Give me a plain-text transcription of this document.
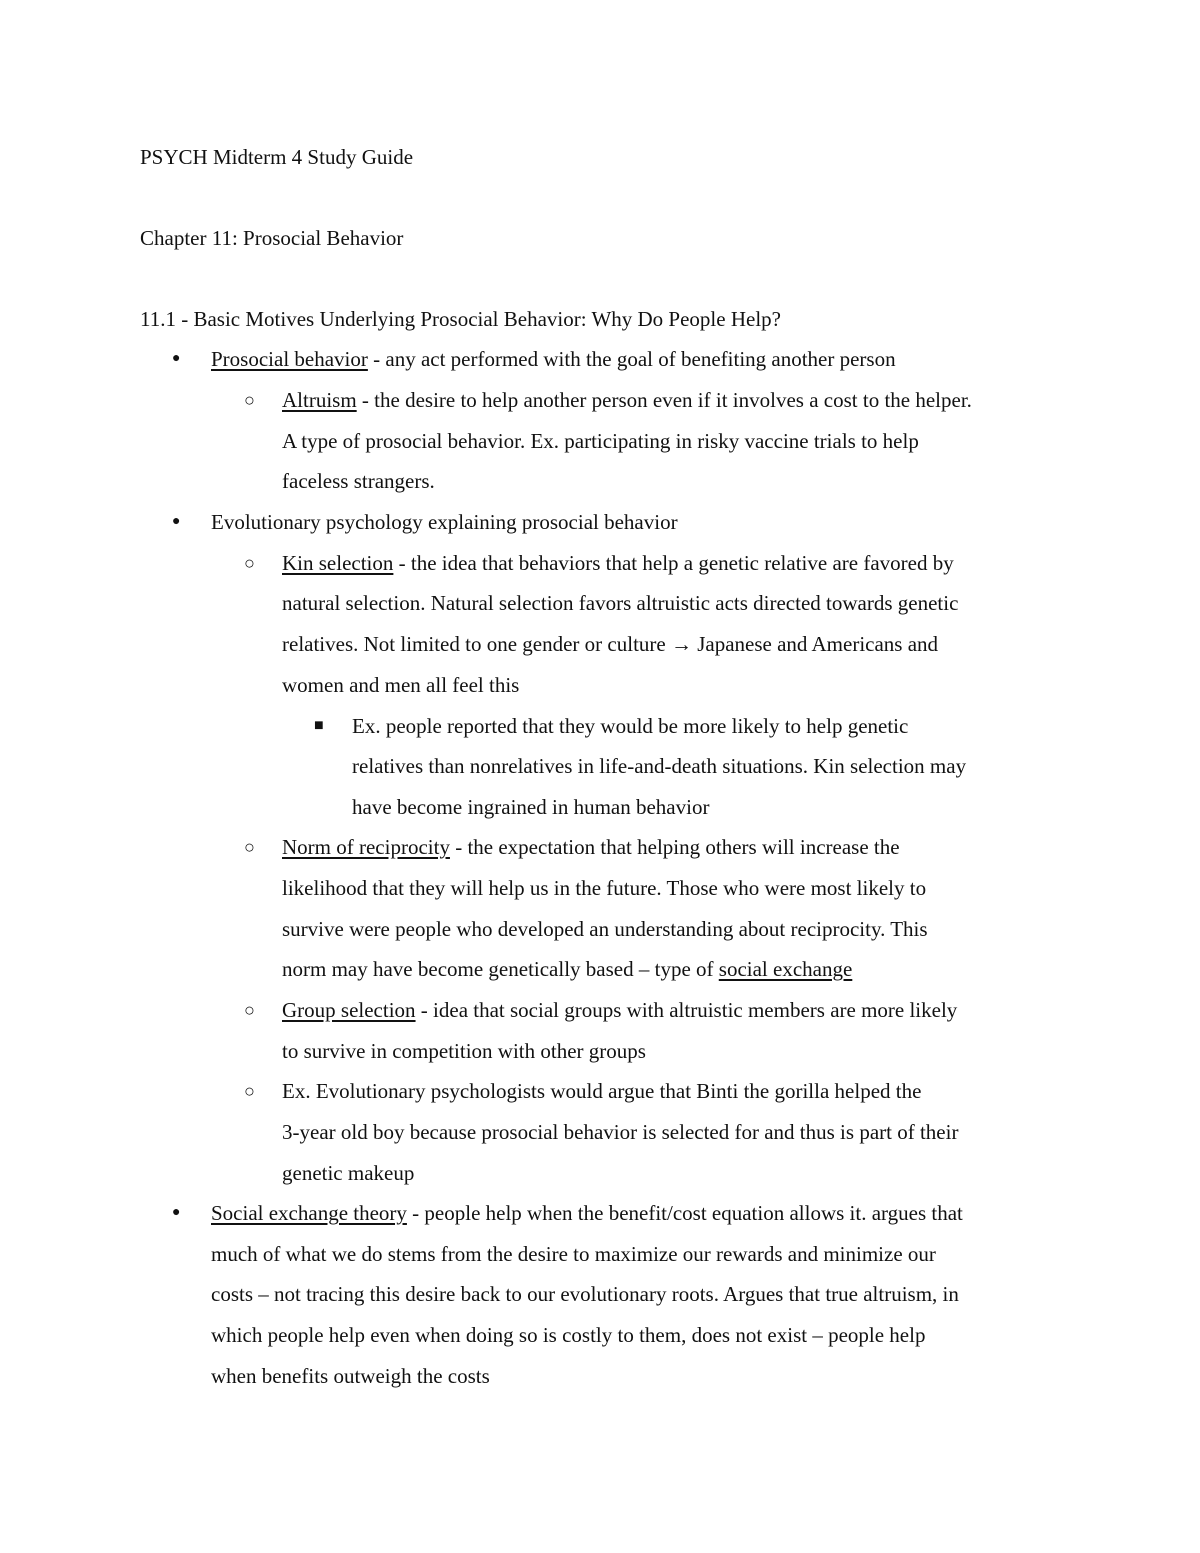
PSYCH Midterm 4 Study Guide
Chapter 11: Prosocial Behavior
11.1 - Basic Motives Underlying Prosocial Behavior: Why Do People Help?
● Prosocial behavior - any act performed with the goal of benefiting another person
○ Altruism - the desire to help another person even if it involves a cost to the helper.
A type of prosocial behavior. Ex. participating in risky vaccine trials to help
faceless strangers.
● Evolutionary psychology explaining prosocial behavior
○ Kin selection - the idea that behaviors that help a genetic relative are favored by
natural selection. Natural selection favors altruistic acts directed towards genetic
relatives. Not limited to one gender or culture → Japanese and Americans and
women and men all feel this
■ Ex. people reported that they would be more likely to help genetic
relatives than nonrelatives in life-and-death situations. Kin selection may
have become ingrained in human behavior
○ Norm of reciprocity - the expectation that helping others will increase the
likelihood that they will help us in the future. Those who were most likely to
survive were people who developed an understanding about reciprocity. This
norm may have become genetically based – type of social exchange
○ Group selection - idea that social groups with altruistic members are more likely
to survive in competition with other groups
○ Ex. Evolutionary psychologists would argue that Binti the gorilla helped the
3-year old boy because prosocial behavior is selected for and thus is part of their
genetic makeup
● Social exchange theory - people help when the benefit/cost equation allows it. argues that
much of what we do stems from the desire to maximize our rewards and minimize our
costs – not tracing this desire back to our evolutionary roots. Argues that true altruism, in
which people help even when doing so is costly to them, does not exist – people help
when benefits outweigh the costs
